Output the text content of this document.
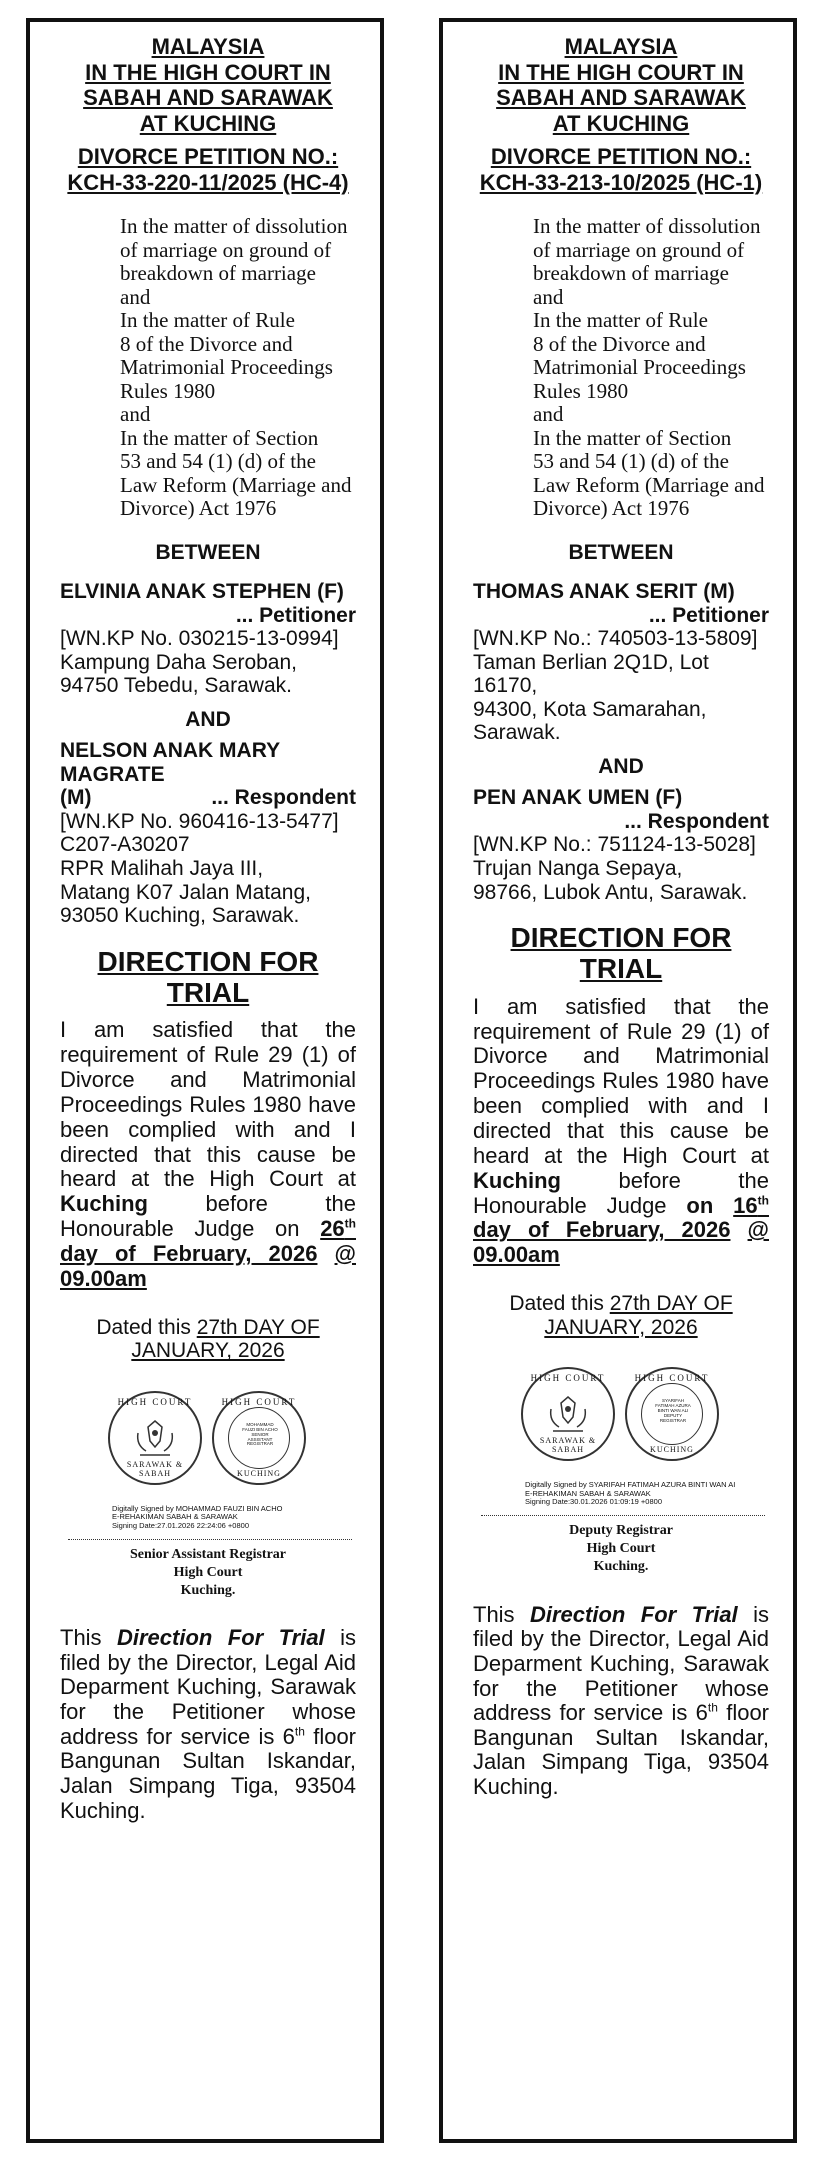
MALAYSIA
IN THE HIGH COURT IN
SABAH AND SARAWAK
AT KUCHING
DIVORCE PETITION NO.:
KCH-33-220-11/2025 (HC-4)
In the matter of dissolution
of marriage on ground of
breakdown of marriage
and
In the matter of Rule
8 of the Divorce and
Matrimonial Proceedings
Rules 1980
and
In the matter of Section
53 and 54 (1) (d) of the
Law Reform (Marriage and
Divorce) Act 1976
BETWEEN
ELVINIA ANAK STEPHEN (F)
... Petitioner
[WN.KP No. 030215-13-0994]
Kampung Daha Seroban,
94750 Tebedu, Sarawak.
AND
NELSON ANAK MARY MAGRATE
(M)	... Respondent
[WN.KP No. 960416-13-5477]
C207-A30207
RPR Malihah Jaya III,
Matang K07 Jalan Matang,
93050 Kuching, Sarawak.
DIRECTION FOR TRIAL
I am satisfied that the requirement of Rule 29 (1) of Divorce and Matrimonial Proceedings Rules 1980 have been complied with and I directed that this cause be heard at the High Court at Kuching	before the Honourable Judge on 26th day of February, 2026 @ 09.00am
Dated this 27th DAY OF
JANUARY, 2026
HIGH COURT
SARAWAK & SABAH
HIGH COURT
MOHAMMAD FAUZI BIN ACHO SENIOR ASSISTANT REGISTRAR
KUCHING
Digitally Signed by MOHAMMAD FAUZI BIN ACHO
E-REHAKIMAN SABAH & SARAWAK
Signing Date:27.01.2026 22:24:06 +0800
Senior Assistant Registrar
High Court
Kuching.
This Direction For Trial is filed by the Director, Legal Aid Deparment Kuching, Sarawak for the Petitioner whose address for service is 6th floor Bangunan Sultan Iskandar, Jalan Simpang Tiga, 93504 Kuching.
MALAYSIA
IN THE HIGH COURT IN
SABAH AND SARAWAK
AT KUCHING
DIVORCE PETITION NO.:
KCH-33-213-10/2025 (HC-1)
In the matter of dissolution
of marriage on ground of
breakdown of marriage
and
In the matter of Rule
8 of the Divorce and
Matrimonial Proceedings
Rules 1980
and
In the matter of Section
53 and 54 (1) (d) of the
Law Reform (Marriage and
Divorce) Act 1976
BETWEEN
THOMAS ANAK SERIT (M)
... Petitioner
[WN.KP No.: 740503-13-5809]
Taman Berlian 2Q1D, Lot 16170,
94300, Kota Samarahan,
Sarawak.
AND
PEN ANAK UMEN (F)
... Respondent
[WN.KP No.: 751124-13-5028]
Trujan Nanga Sepaya,
98766, Lubok Antu, Sarawak.
DIRECTION FOR TRIAL
I am satisfied that the requirement of Rule 29 (1) of Divorce and Matrimonial Proceedings Rules 1980 have been complied with and I directed that this cause be heard at the High Court at Kuching	before the Honourable Judge on 16th day of February, 2026 @ 09.00am
Dated this 27th DAY OF
JANUARY, 2026
HIGH COURT
SARAWAK & SABAH
HIGH COURT
SYARIFAH FATIMAH AZURA BINTI WAN ALI DEPUTY REGISTRAR
KUCHING
Digitally Signed by SYARIFAH FATIMAH AZURA BINTI WAN AI
E-REHAKIMAN SABAH & SARAWAK
Signing Date:30.01.2026 01:09:19 +0800
Deputy Registrar
High Court
Kuching.
This Direction For Trial is filed by the Director, Legal Aid Deparment Kuching, Sarawak for the Petitioner whose address for service is 6th floor Bangunan Sultan Iskandar, Jalan Simpang Tiga, 93504 Kuching.
